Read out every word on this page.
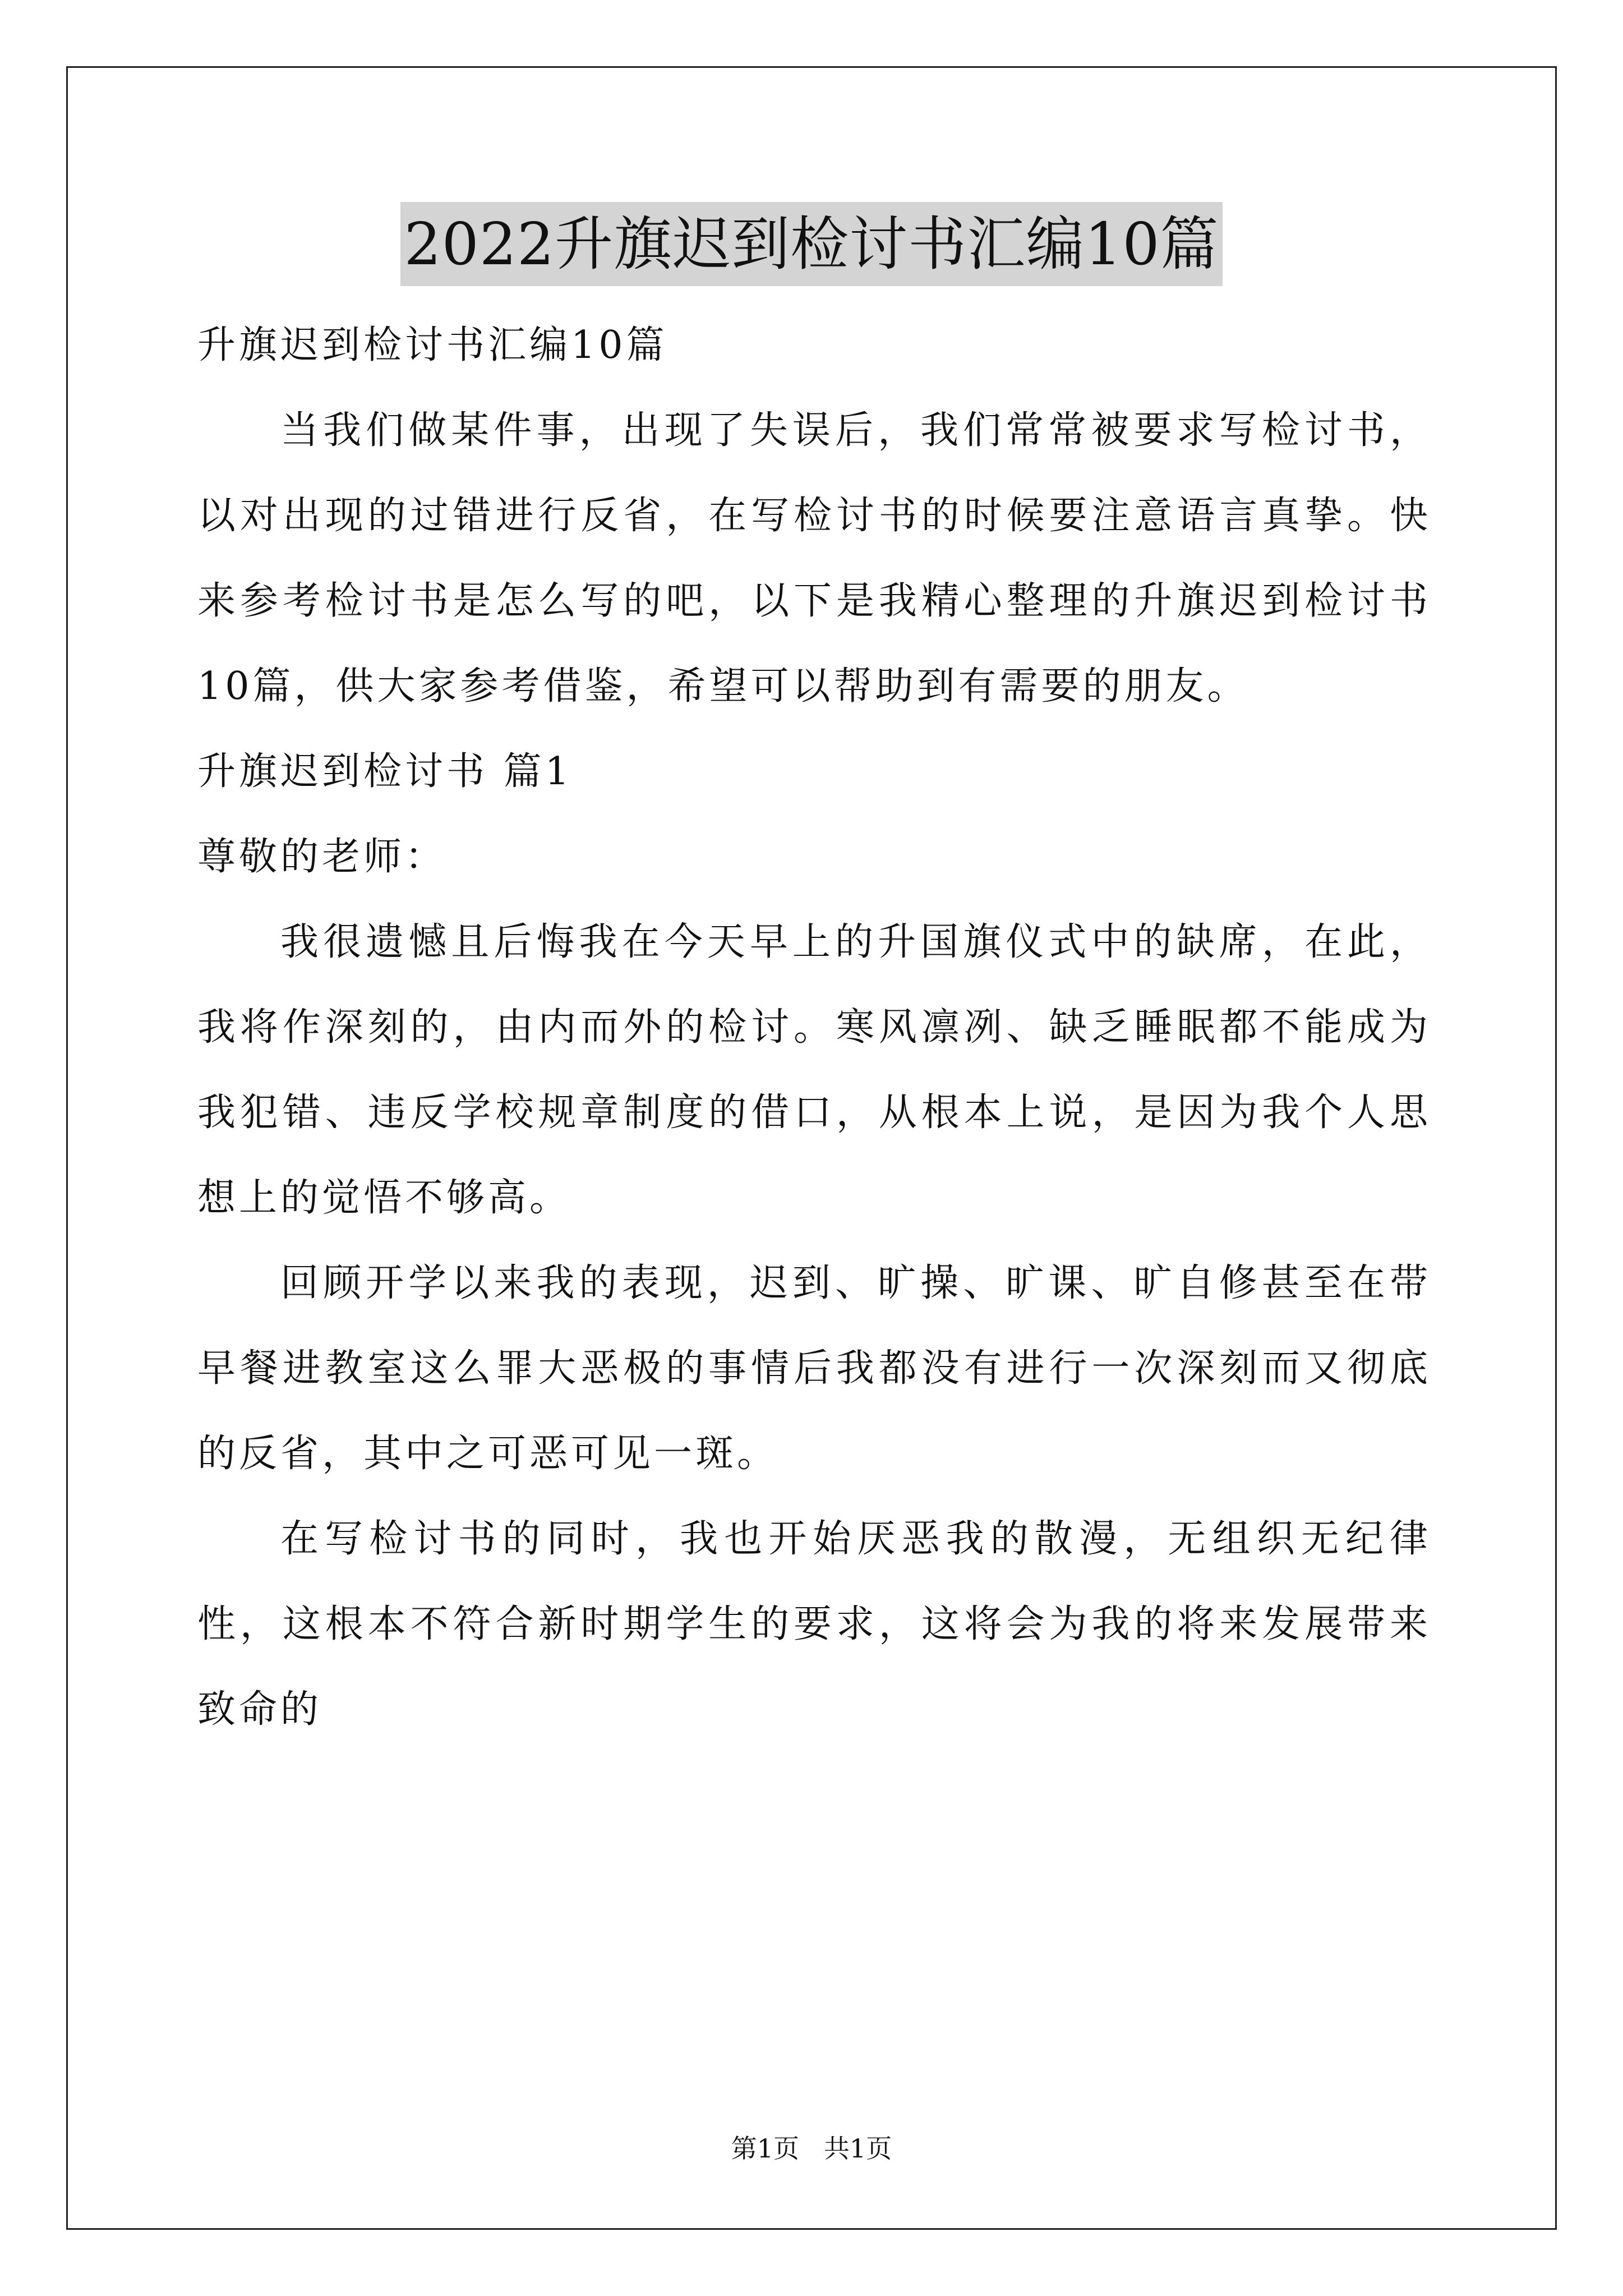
2022升旗迟到检讨书汇编10篇

升旗迟到检讨书汇编10篇

当我们做某件事，出现了失误后，我们常常被要求写检讨书，以对出现的过错进行反省，在写检讨书的时候要注意语言真挚。快来参考检讨书是怎么写的吧，以下是我精心整理的升旗迟到检讨书10篇，供大家参考借鉴，希望可以帮助到有需要的朋友。

升旗迟到检讨书 篇1

尊敬的老师：

我很遗憾且后悔我在今天早上的升国旗仪式中的缺席，在此，我将作深刻的，由内而外的检讨。寒风凛冽、缺乏睡眠都不能成为我犯错、违反学校规章制度的借口，从根本上说，是因为我个人思想上的觉悟不够高。

回顾开学以来我的表现，迟到、旷操、旷课、旷自修甚至在带早餐进教室这么罪大恶极的事情后我都没有进行一次深刻而又彻底的反省，其中之可恶可见一斑。

在写检讨书的同时，我也开始厌恶我的散漫，无组织无纪律性，这根本不符合新时期学生的要求，这将会为我的将来发展带来致命的

第1页   共1页
